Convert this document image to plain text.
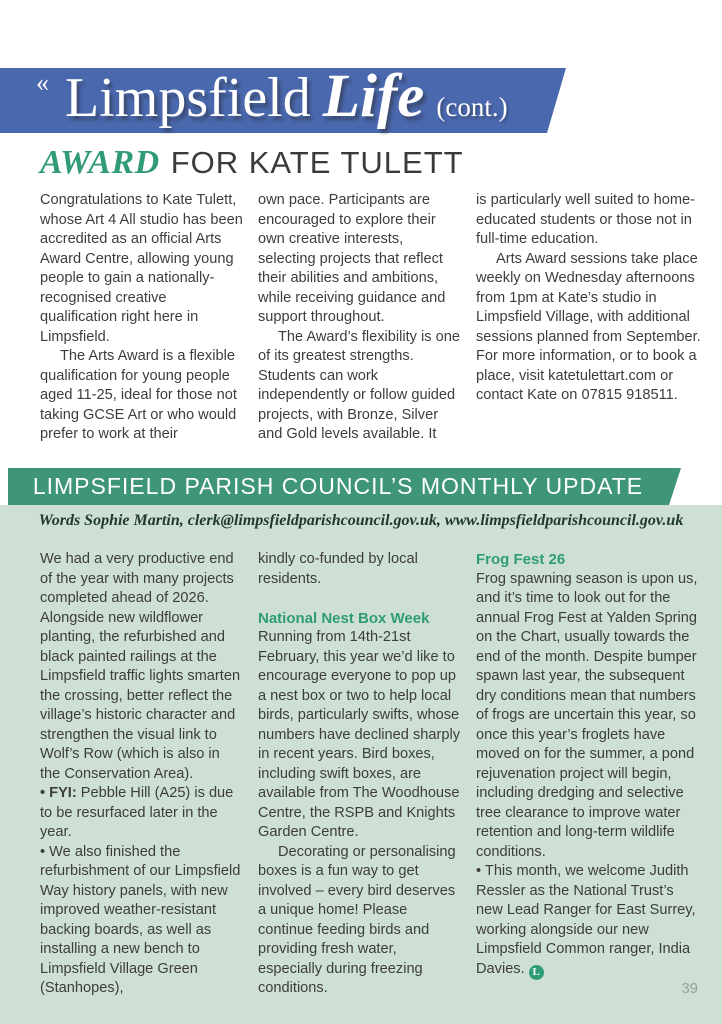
« Limpsfield Life (cont.)
AWARD FOR KATE TULETT

Congratulations to Kate Tulett, whose Art 4 All studio has been accredited as an official Arts Award Centre, allowing young people to gain a nationally-recognised creative qualification right here in Limpsfield.

The Arts Award is a flexible qualification for young people aged 11-25, ideal for those not taking GCSE Art or who would prefer to work at their

own pace. Participants are encouraged to explore their own creative interests, selecting projects that reflect their abilities and ambitions, while receiving guidance and support throughout.

The Award’s flexibility is one of its greatest strengths. Students can work independently or follow guided projects, with Bronze, Silver and Gold levels available. It

is particularly well suited to home-educated students or those not in full-time education.

Arts Award sessions take place weekly on Wednesday afternoons from 1pm at Kate’s studio in Limpsfield Village, with additional sessions planned from September. For more information, or to book a place, visit katetulettart.com or contact Kate on 07815 918511.

LIMPSFIELD PARISH COUNCIL’S MONTHLY UPDATE
Words Sophie Martin, clerk@limpsfieldparishcouncil.gov.uk, www.limpsfieldparishcouncil.gov.uk

We had a very productive end of the year with many projects completed ahead of 2026. Alongside new wildflower planting, the refurbished and black painted railings at the Limpsfield traffic lights smarten the crossing, better reflect the village’s historic character and strengthen the visual link to Wolf’s Row (which is also in the Conservation Area).

• FYI: Pebble Hill (A25) is due to be resurfaced later in the year.

• We also finished the refurbishment of our Limpsfield Way history panels, with new improved weather-resistant backing boards, as well as installing a new bench to Limpsfield Village Green (Stanhopes),

kindly co-funded by local residents.

National Nest Box Week

Running from 14th-21st February, this year we’d like to encourage everyone to pop up a nest box or two to help local birds, particularly swifts, whose numbers have declined sharply in recent years. Bird boxes, including swift boxes, are available from The Woodhouse Centre, the RSPB and Knights Garden Centre.

Decorating or personalising boxes is a fun way to get involved – every bird deserves a unique home! Please continue feeding birds and providing fresh water, especially during freezing conditions.

Frog Fest 26

Frog spawning season is upon us, and it’s time to look out for the annual Frog Fest at Yalden Spring on the Chart, usually towards the end of the month. Despite bumper spawn last year, the subsequent dry conditions mean that numbers of frogs are uncertain this year, so once this year’s froglets have moved on for the summer, a pond rejuvenation project will begin, including dredging and selective tree clearance to improve water retention and long-term wildlife conditions.

• This month, we welcome Judith Ressler as the National Trust’s new Lead Ranger for East Surrey, working alongside our new Limpsfield Common ranger, India Davies. L

39
